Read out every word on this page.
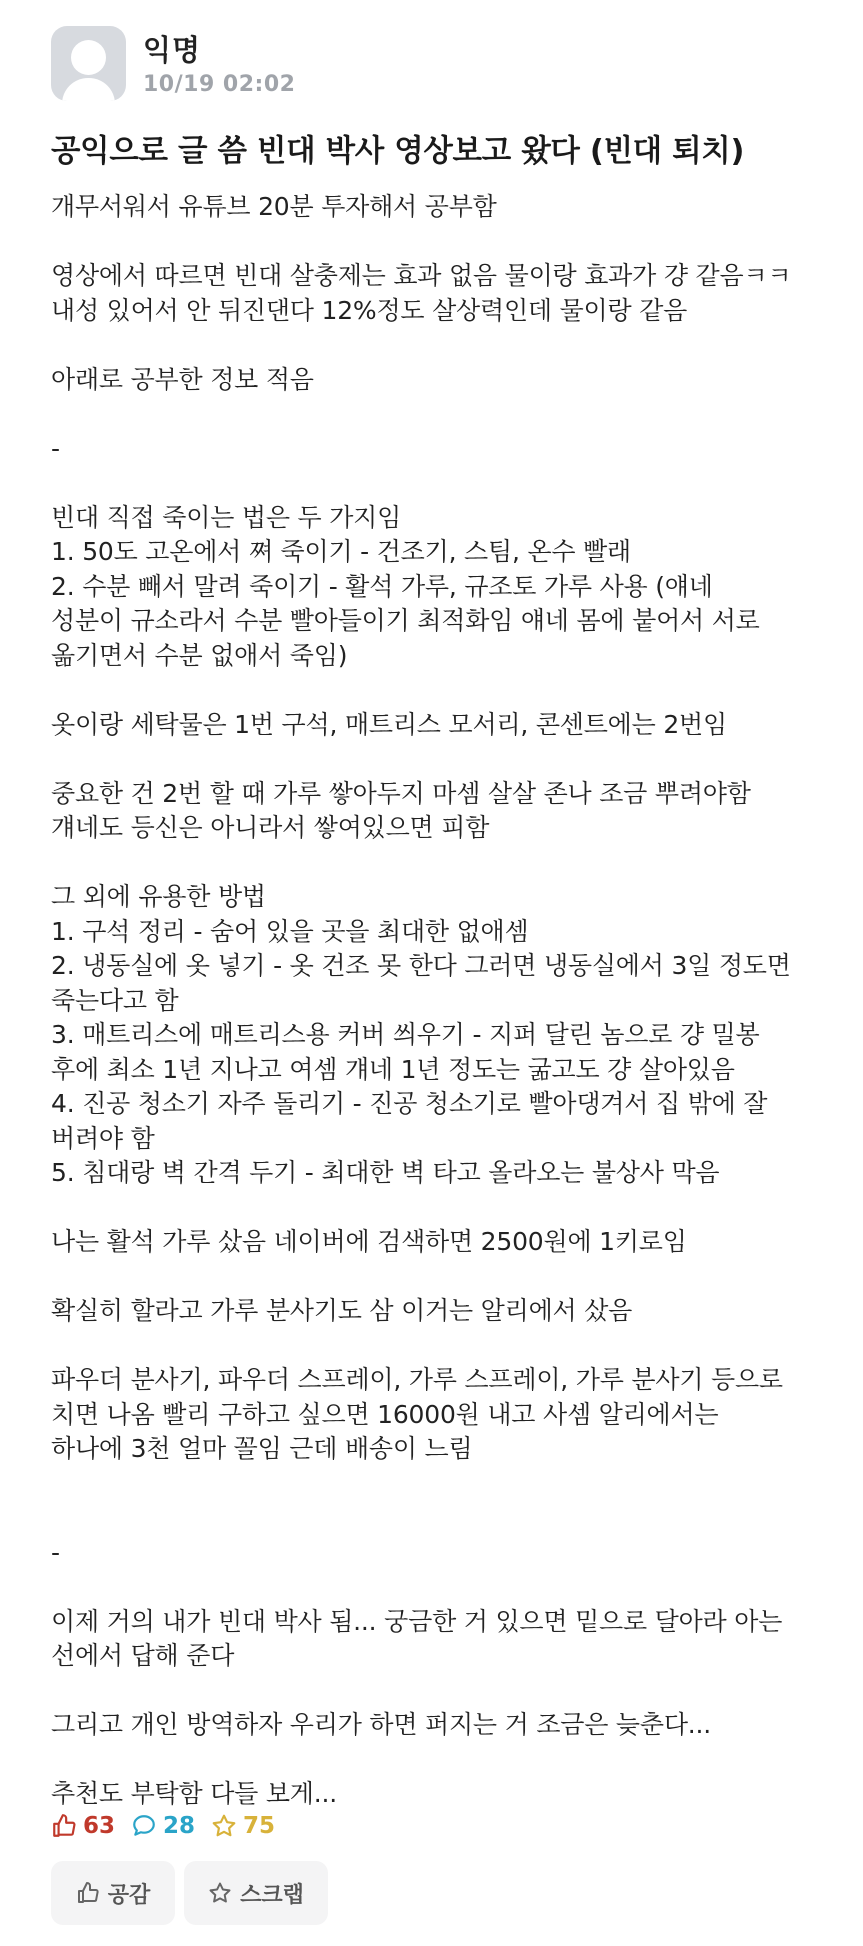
익명
10/19 02:02
공익으로 글 씀 빈대 박사 영상보고 왔다 (빈대 퇴치)
개무서워서 유튜브 20분 투자해서 공부함
영상에서 따르면 빈대 살충제는 효과 없음 물이랑 효과가 걍 같음ㅋㅋ
내성 있어서 안 뒤진댄다 12%정도 살상력인데 물이랑 같음
아래로 공부한 정보 적음
-
빈대 직접 죽이는 법은 두 가지임
1. 50도 고온에서 쪄 죽이기 - 건조기, 스팀, 온수 빨래
2. 수분 빼서 말려 죽이기 - 활석 가루, 규조토 가루 사용 (얘네
성분이 규소라서 수분 빨아들이기 최적화임 얘네 몸에 붙어서 서로
옮기면서 수분 없애서 죽임)
옷이랑 세탁물은 1번 구석, 매트리스 모서리, 콘센트에는 2번임
중요한 건 2번 할 때 가루 쌓아두지 마셈 살살 존나 조금 뿌려야함
걔네도 등신은 아니라서 쌓여있으면 피함
그 외에 유용한 방법
1. 구석 정리 - 숨어 있을 곳을 최대한 없애셈
2. 냉동실에 옷 넣기 - 옷 건조 못 한다 그러면 냉동실에서 3일 정도면
죽는다고 함
3. 매트리스에 매트리스용 커버 씌우기 - 지퍼 달린 놈으로 걍 밀봉
후에 최소 1년 지나고 여셈 걔네 1년 정도는 굶고도 걍 살아있음
4. 진공 청소기 자주 돌리기 - 진공 청소기로 빨아댕겨서 집 밖에 잘
버려야 함
5. 침대랑 벽 간격 두기 - 최대한 벽 타고 올라오는 불상사 막음
나는 활석 가루 샀음 네이버에 검색하면 2500원에 1키로임
확실히 할라고 가루 분사기도 삼 이거는 알리에서 샀음
파우더 분사기, 파우더 스프레이, 가루 스프레이, 가루 분사기 등으로
치면 나옴 빨리 구하고 싶으면 16000원 내고 사셈 알리에서는
하나에 3천 얼마 꼴임 근데 배송이 느림
-
이제 거의 내가 빈대 박사 됨... 궁금한 거 있으면 밑으로 달아라 아는
선에서 답해 준다
그리고 개인 방역하자 우리가 하면 퍼지는 거 조금은 늦춘다...
추천도 부탁함 다들 보게...
63 28 75
공감	스크랩
